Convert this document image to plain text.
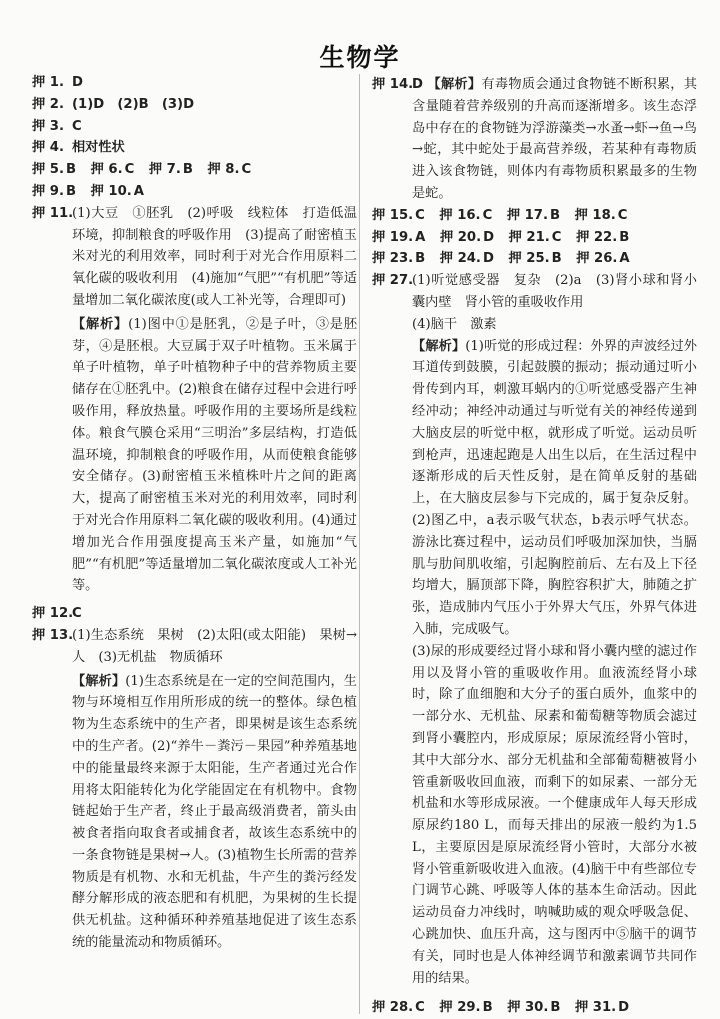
生物学
押 1. D
押 2. (1)D　(2)B　(3)D
押 3. C
押 4. 相对性状
押 5. B 押 6. C 押 7. B 押 8. C
押 9. B 押 10. A
押 11.
(1)大豆　①胚乳　(2)呼吸　线粒体　打造低温环境，抑制粮食的呼吸作用　(3)提高了耐密植玉米对光的利用效率，同时利于对光合作用原料二氧化碳的吸收利用　(4)施加“气肥”“有机肥”等适量增加二氧化碳浓度(或人工补光等，合理即可)
【解析】(1)图中①是胚乳，②是子叶，③是胚芽，④是胚根。大豆属于双子叶植物。玉米属于单子叶植物，单子叶植物种子中的营养物质主要储存在①胚乳中。(2)粮食在储存过程中会进行呼吸作用，释放热量。呼吸作用的主要场所是线粒体。粮食气膜仓采用“三明治”多层结构，打造低温环境，抑制粮食的呼吸作用，从而使粮食能够安全储存。(3)耐密植玉米植株叶片之间的距离大，提高了耐密植玉米对光的利用效率，同时利于对光合作用原料二氧化碳的吸收利用。(4)通过增加光合作用强度提高玉米产量，如施加“气肥”“有机肥”等适量增加二氧化碳浓度或人工补光等。
押 12.
C
押 13.
(1)生态系统　果树　(2)太阳(或太阳能)　果树→人　(3)无机盐　物质循环
【解析】(1)生态系统是在一定的空间范围内，生物与环境相互作用所形成的统一的整体。绿色植物为生态系统中的生产者，即果树是该生态系统中的生产者。(2)“养牛－粪污－果园”种养殖基地中的能量最终来源于太阳能，生产者通过光合作用将太阳能转化为化学能固定在有机物中。食物链起始于生产者，终止于最高级消费者，箭头由被食者指向取食者或捕食者，故该生态系统中的一条食物链是果树→人。(3)植物生长所需的营养物质是有机物、水和无机盐，牛产生的粪污经发酵分解形成的液态肥和有机肥，为果树的生长提供无机盐。这种循环种养殖基地促进了该生态系统的能量流动和物质循环。
押 14.
D 【解析】有毒物质会通过食物链不断积累，其含量随着营养级别的升高而逐渐增多。该生态浮岛中存在的食物链为浮游藻类→水蚤→虾→鱼→鸟→蛇，其中蛇处于最高营养级，若某种有毒物质进入该食物链，则体内有毒物质积累最多的生物是蛇。
押 15. C 押 16. C 押 17. B 押 18. C
押 19. A 押 20. D 押 21. C 押 22. B
押 23. B 押 24. D 押 25. B 押 26. A
押 27.
(1)听觉感受器　复杂　(2)a　(3)肾小球和肾小囊内壁　肾小管的重吸收作用
(4)脑干　激素
【解析】(1)听觉的形成过程：外界的声波经过外耳道传到鼓膜，引起鼓膜的振动；振动通过听小骨传到内耳，刺激耳蜗内的①听觉感受器产生神经冲动；神经冲动通过与听觉有关的神经传递到大脑皮层的听觉中枢，就形成了听觉。运动员听到枪声，迅速起跑是人出生以后，在生活过程中逐渐形成的后天性反射，是在简单反射的基础上，在大脑皮层参与下完成的，属于复杂反射。(2)图乙中，a表示吸气状态，b表示呼气状态。游泳比赛过程中，运动员们呼吸加深加快，当膈肌与肋间肌收缩，引起胸腔前后、左右及上下径均增大，膈顶部下降，胸腔容积扩大，肺随之扩张，造成肺内气压小于外界大气压，外界气体进入肺，完成吸气。
(3)尿的形成要经过肾小球和肾小囊内壁的滤过作用以及肾小管的重吸收作用。血液流经肾小球时，除了血细胞和大分子的蛋白质外，血浆中的一部分水、无机盐、尿素和葡萄糖等物质会滤过到肾小囊腔内，形成原尿；原尿流经肾小管时，其中大部分水、部分无机盐和全部葡萄糖被肾小管重新吸收回血液，而剩下的如尿素、一部分无机盐和水等形成尿液。一个健康成年人每天形成原尿约180 L，而每天排出的尿液一般约为1.5 L，主要原因是原尿流经肾小管时，大部分水被肾小管重新吸收进入血液。(4)脑干中有些部位专门调节心跳、呼吸等人体的基本生命活动。因此运动员奋力冲线时，呐喊助威的观众呼吸急促、心跳加快、血压升高，这与图丙中⑤脑干的调节有关，同时也是人体神经调节和激素调节共同作用的结果。
押 28. C 押 29. B 押 30. B 押 31. D
